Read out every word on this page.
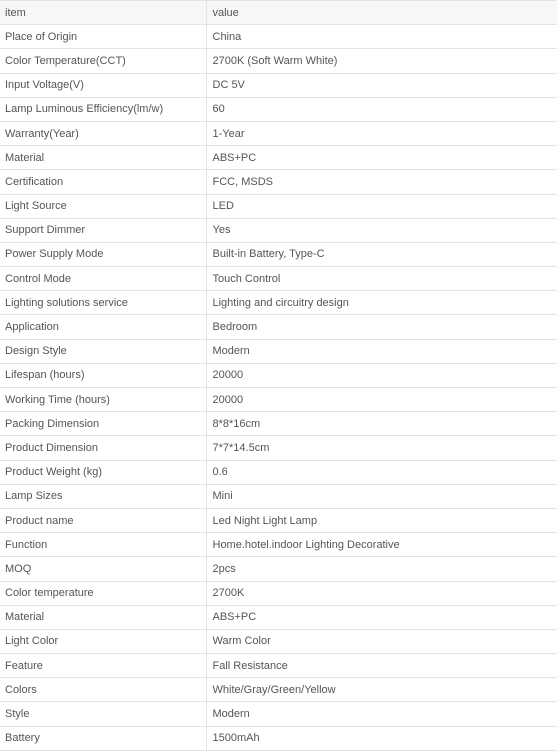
item	value
Place of Origin	China
Color Temperature(CCT)	2700K (Soft Warm White)
Input Voltage(V)	DC 5V
Lamp Luminous Efficiency(lm/w)	60
Warranty(Year)	1-Year
Material	ABS+PC
Certification	FCC, MSDS
Light Source	LED
Support Dimmer	Yes
Power Supply Mode	Built-in Battery, Type-C
Control Mode	Touch Control
Lighting solutions service	Lighting and circuitry design
Application	Bedroom
Design Style	Modern
Lifespan (hours)	20000
Working Time (hours)	20000
Packing Dimension	8*8*16cm
Product Dimension	7*7*14.5cm
Product Weight (kg)	0.6
Lamp Sizes	Mini
Product name	Led Night Light Lamp
Function	Home.hotel.indoor Lighting Decorative
MOQ	2pcs
Color temperature	2700K
Material	ABS+PC
Light Color	Warm Color
Feature	Fall Resistance
Colors	White/Gray/Green/Yellow
Style	Modern
Battery	1500mAh
